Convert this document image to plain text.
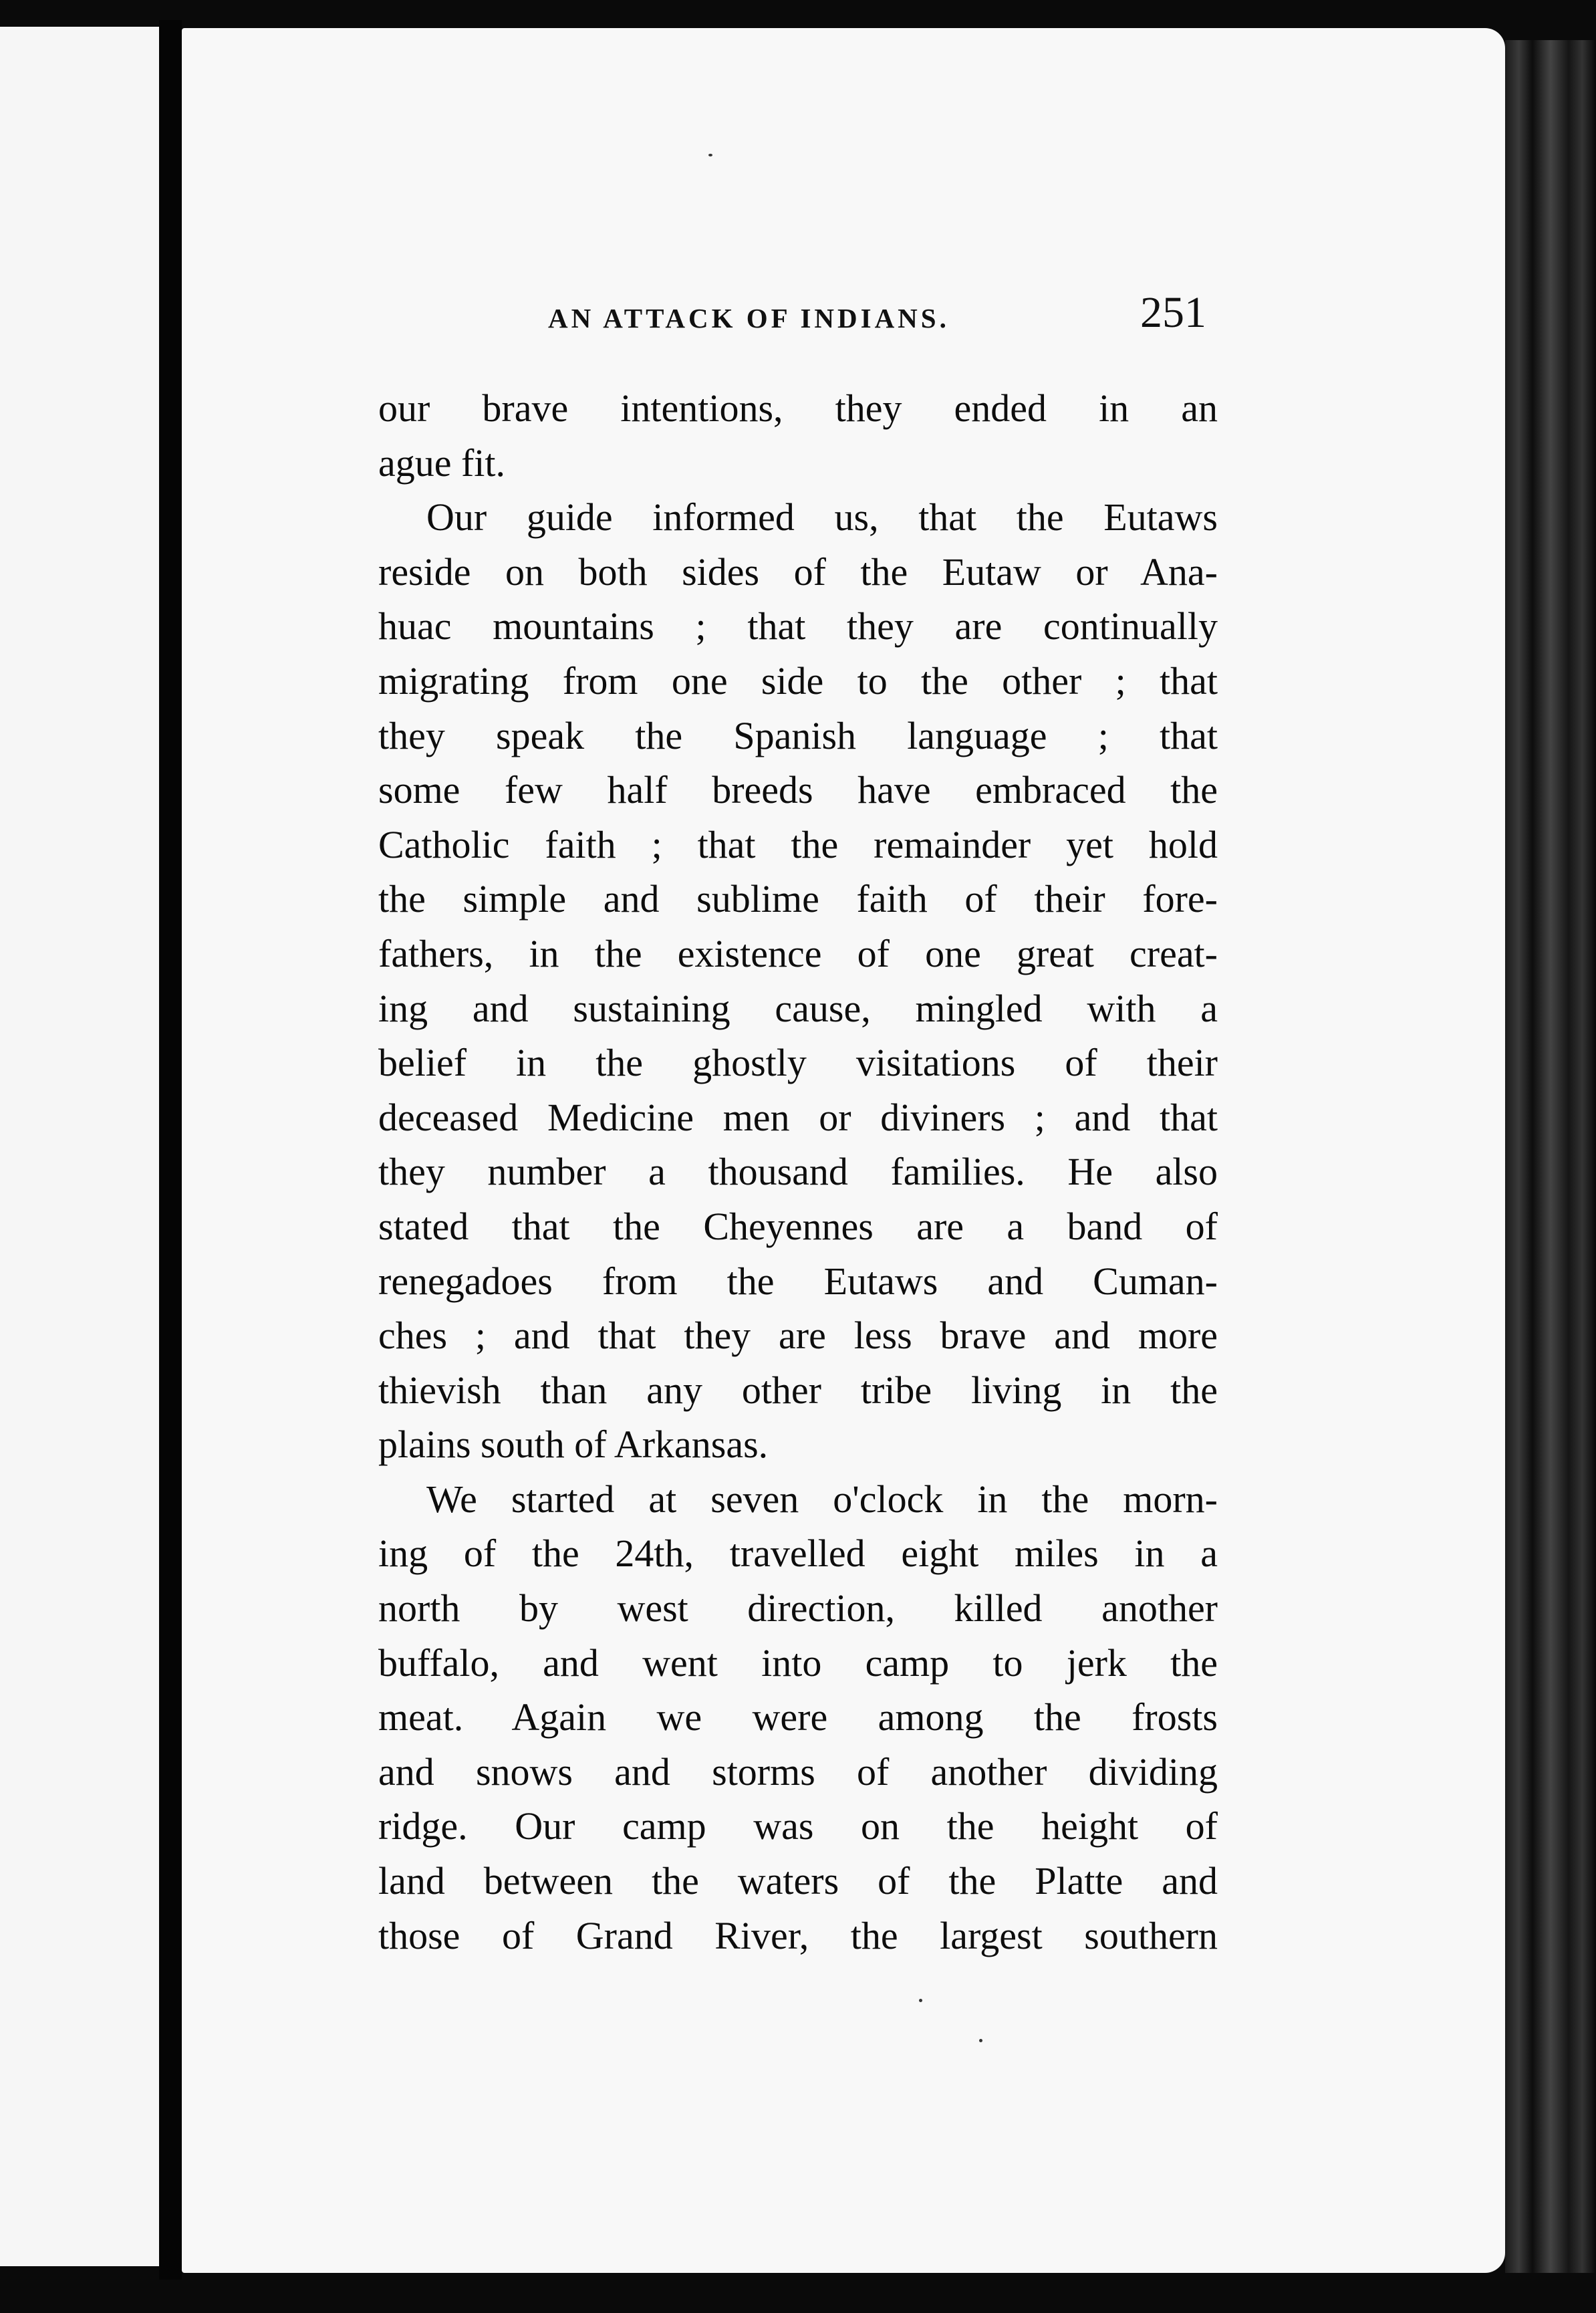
AN ATTACK OF INDIANS.	251
our brave intentions, they ended in an
ague fit.
Our guide informed us, that the Eutaws
reside on both sides of the Eutaw or Ana-
huac mountains ; that they are continually
migrating from one side to the other ; that
they speak the Spanish language ; that
some few half breeds have embraced the
Catholic faith ; that the remainder yet hold
the simple and sublime faith of their fore-
fathers, in the existence of one great creat-
ing and sustaining cause, mingled with a
belief in the ghostly visitations of their
deceased Medicine men or diviners ; and that
they number a thousand families. He also
stated that the Cheyennes are a band of
renegadoes from the Eutaws and Cuman-
ches ; and that they are less brave and more
thievish than any other tribe living in the
plains south of Arkansas.
We started at seven o'clock in the morn-
ing of the 24th, travelled eight miles in a
north by west direction, killed another
buffalo, and went into camp to jerk the
meat. Again we were among the frosts
and snows and storms of another dividing
ridge. Our camp was on the height of
land between the waters of the Platte and
those of Grand River, the largest southern
